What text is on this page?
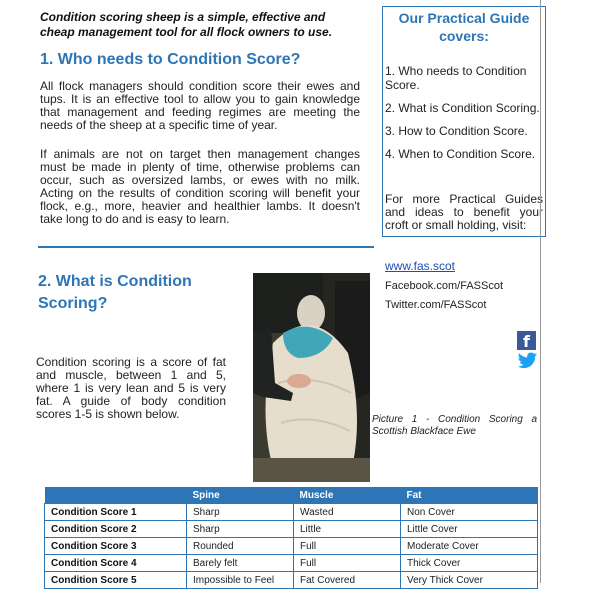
Condition scoring sheep is a simple, effective and cheap management tool for all flock owners to use.
1. Who needs to Condition Score?
All flock managers should condition score their ewes and tups. It is an effective tool to allow you to gain knowledge that management and feeding regimes are meeting the needs of the sheep at a specific time of year.
If animals are not on target then management changes must be made in plenty of time, otherwise problems can occur, such as oversized lambs, or ewes with no milk. Acting on the results of condition scoring will benefit your flock, e.g., more, heavier and healthier lambs. It doesn't take long to do and is easy to learn.
2. What is Condition Scoring?
Condition scoring is a score of fat and muscle, between 1 and 5, where 1 is very lean and 5 is very fat. A guide of body condition scores 1-5 is shown below.	Picture 1 - Condition Scoring a Scottish Blackface Ewe
Our Practical Guide covers:
1. Who needs to Condition Score.
2. What is Condition Scoring.
3. How to Condition Score.
4. When to Condition Score.
For more Practical Guides and ideas to benefit your croft or small holding, visit:
www.fas.scot
Facebook.com/FASScot
Twitter.com/FASScot
f
	Spine	Muscle	Fat
Condition Score 1	Sharp	Wasted	Non Cover
Condition Score 2	Sharp	Little	Little Cover
Condition Score 3	Rounded	Full	Moderate Cover
Condition Score 4	Barely felt	Full	Thick Cover
Condition Score 5	Impossible to Feel	Fat Covered	Very Thick Cover
